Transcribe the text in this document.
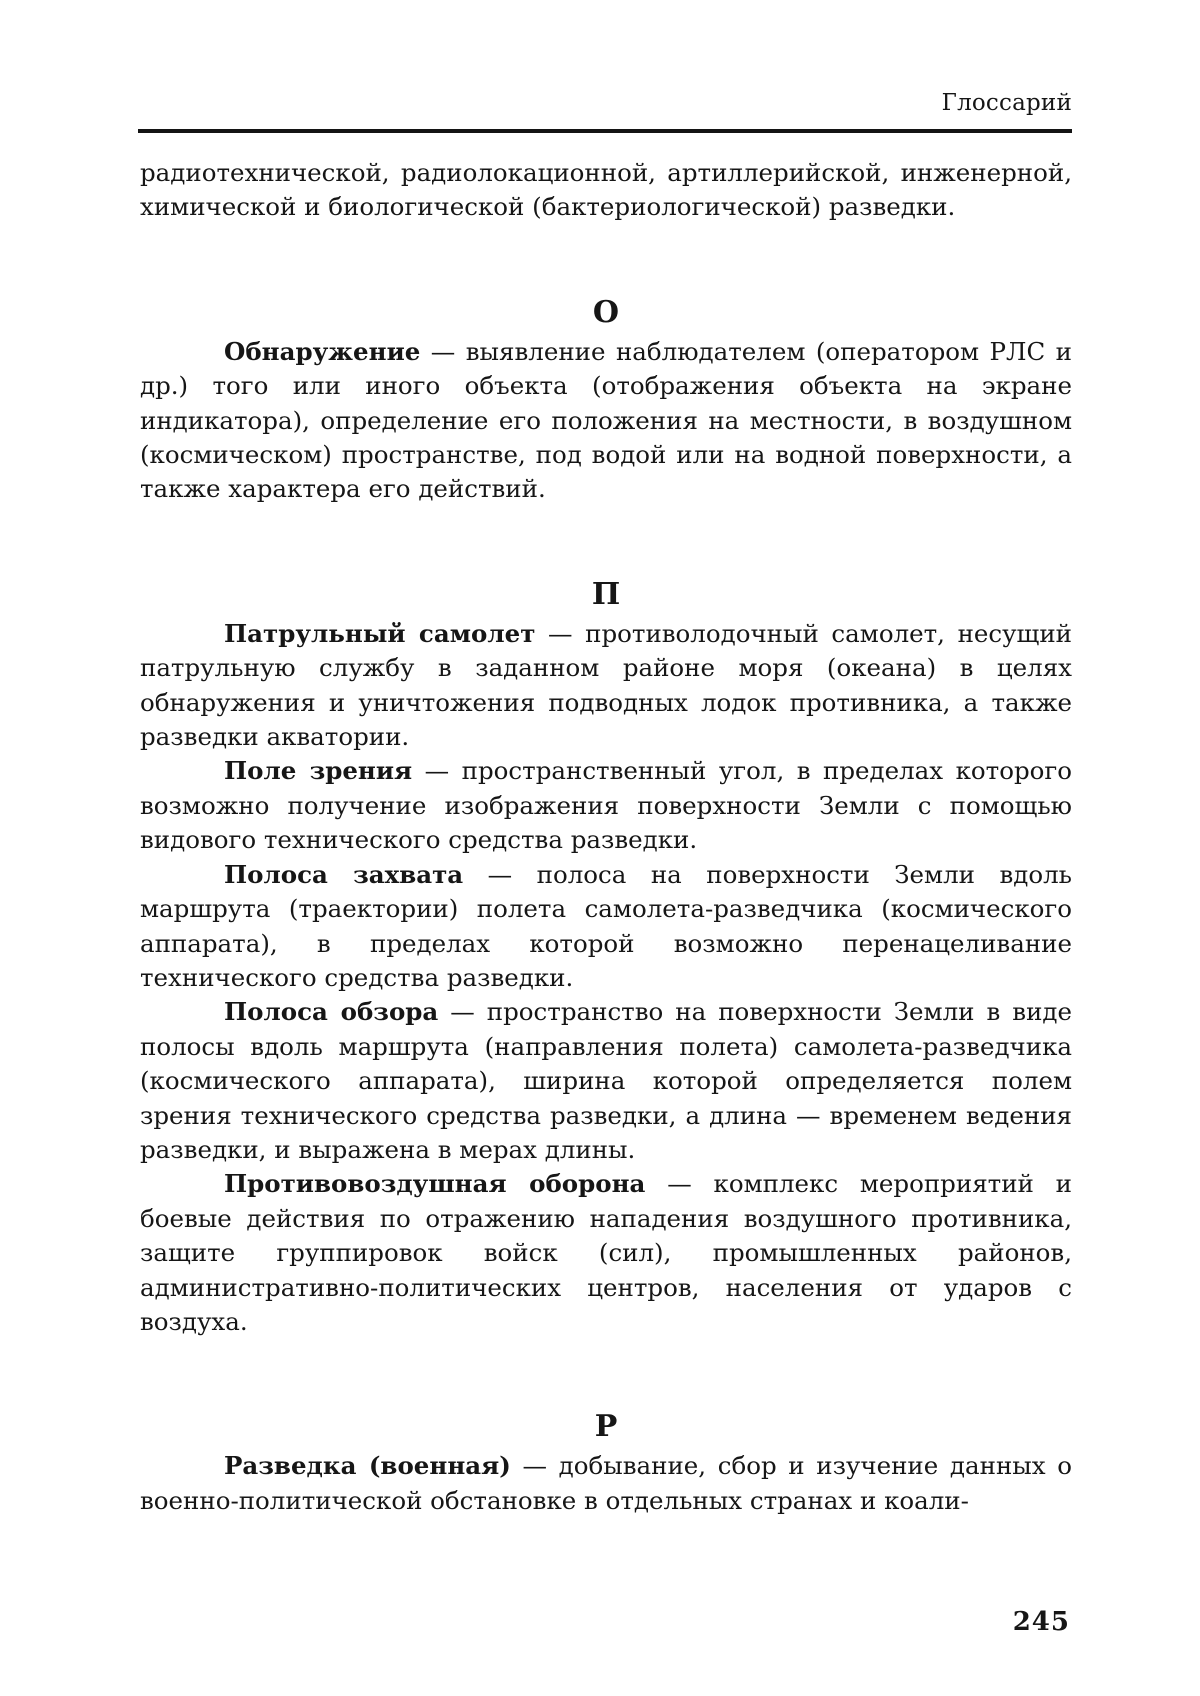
Глоссарий

радиотехнической, радиолокационной, артиллерийской, инженерной, химической и биологической (бактериологической) разведки.

О

Обнаружение — выявление наблюдателем (оператором РЛС и др.) того или иного объекта (отображения объекта на экране индикатора), определение его положения на местности, в воздушном (космическом) пространстве, под водой или на водной поверхности, а также характера его действий.

П

Патрульный самолет — противолодочный самолет, несущий патрульную службу в заданном районе моря (океана) в целях обнаружения и уничтожения подводных лодок противника, а также разведки акватории.

Поле зрения — пространственный угол, в пределах которого возможно получение изображения поверхности Земли с помощью видового технического средства разведки.

Полоса захвата — полоса на поверхности Земли вдоль маршрута (траектории) полета самолета-разведчика (космического аппарата), в пределах которой возможно перенацеливание технического средства разведки.

Полоса обзора — пространство на поверхности Земли в виде полосы вдоль маршрута (направления полета) самолета-разведчика (космического аппарата), ширина которой определяется полем зрения технического средства разведки, а длина — временем ведения разведки, и выражена в мерах длины.

Противовоздушная оборона — комплекс мероприятий и боевые действия по отражению нападения воздушного противника, защите группировок войск (сил), промышленных районов, административно-политических центров, населения от ударов с воздуха.

Р

Разведка (военная) — добывание, сбор и изучение данных о военно-политической обстановке в отдельных странах и коали-

245
